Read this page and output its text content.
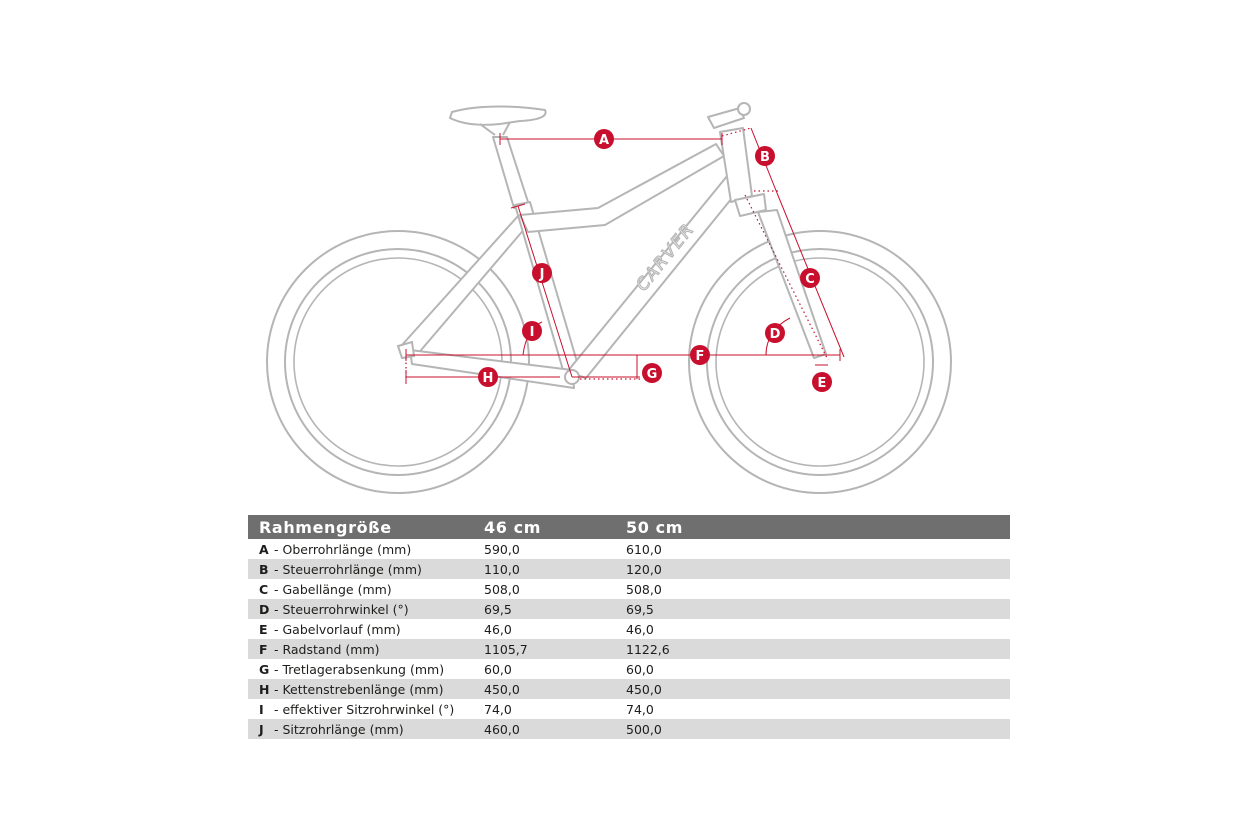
CARVER
A
B
C
D
E
F
G
H
I
J
Rahmengröße	46 cm	50 cm
A - Oberrohrlänge (mm)	590,0	610,0
B - Steuerrohrlänge (mm)	110,0	120,0
C - Gabellänge (mm)	508,0	508,0
D - Steuerrohrwinkel (°)	69,5	69,5
E - Gabelvorlauf (mm)	46,0	46,0
F - Radstand (mm)	1105,7	1122,6
G - Tretlagerabsenkung (mm)	60,0	60,0
H - Kettenstrebenlänge (mm)	450,0	450,0
I - effektiver Sitzrohrwinkel (°)	74,0	74,0
J - Sitzrohrlänge (mm)	460,0	500,0
